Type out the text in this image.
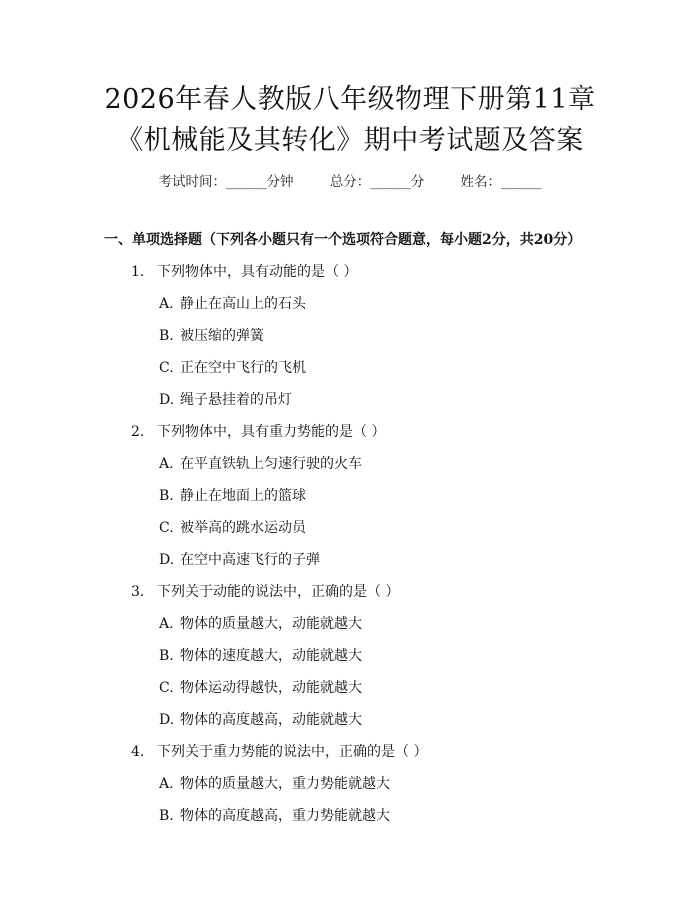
2026年春人教版八年级物理下册第11章
《机械能及其转化》期中考试题及答案
考试时间：______分钟	总分：______分	姓名：______
一、单项选择题（下列各小题只有一个选项符合题意，每小题2分，共20分）
1. 下列物体中，具有动能的是（ ）
A. 静止在高山上的石头
B. 被压缩的弹簧
C. 正在空中飞行的飞机
D. 绳子悬挂着的吊灯
2. 下列物体中，具有重力势能的是（ ）
A. 在平直铁轨上匀速行驶的火车
B. 静止在地面上的篮球
C. 被举高的跳水运动员
D. 在空中高速飞行的子弹
3. 下列关于动能的说法中，正确的是（ ）
A. 物体的质量越大，动能就越大
B. 物体的速度越大，动能就越大
C. 物体运动得越快，动能就越大
D. 物体的高度越高，动能就越大
4. 下列关于重力势能的说法中，正确的是（ ）
A. 物体的质量越大，重力势能就越大
B. 物体的高度越高，重力势能就越大
